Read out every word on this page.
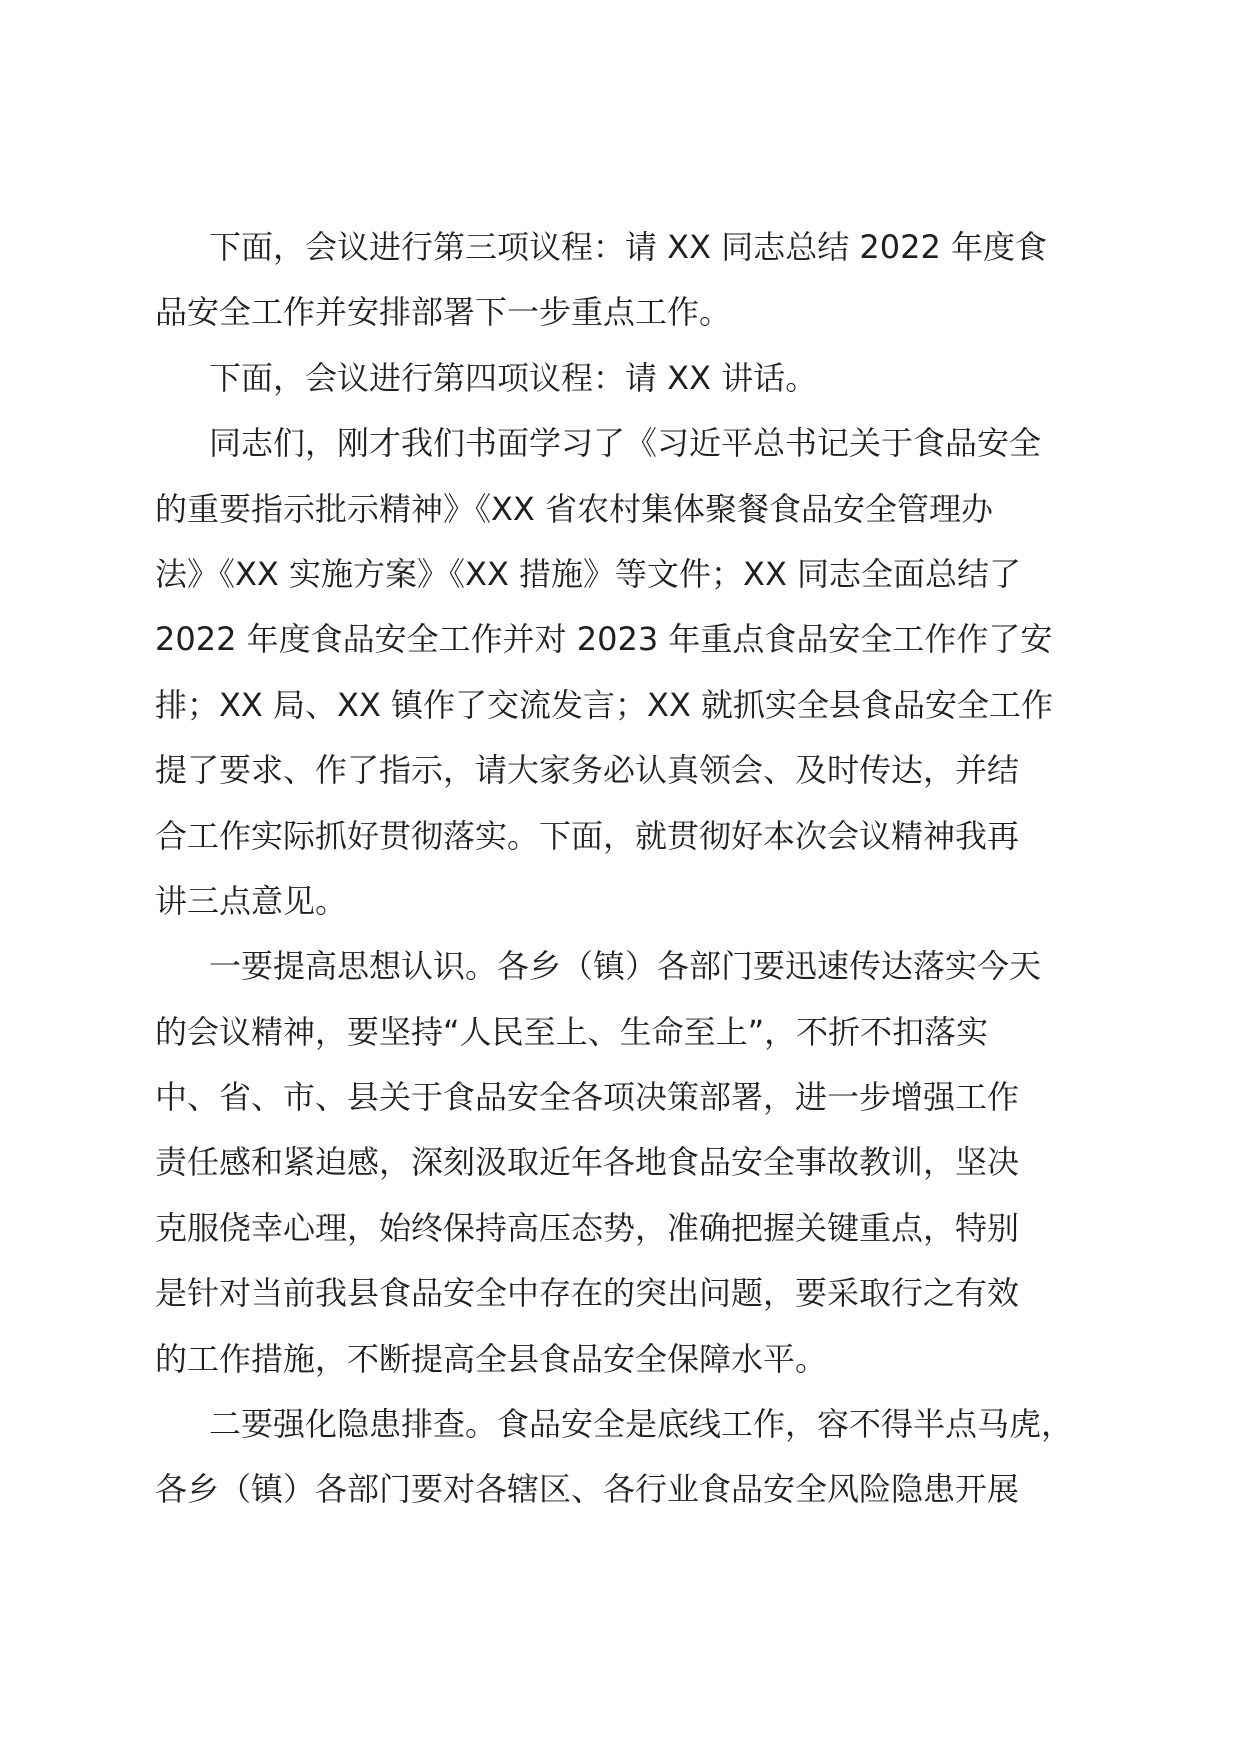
下面，会议进行第三项议程：请 XX 同志总结 2022 年度食
品安全工作并安排部署下一步重点工作。
下面，会议进行第四项议程：请 XX 讲话。
同志们，刚才我们书面学习了《习近平总书记关于食品安全
的重要指示批示精神》《XX 省农村集体聚餐食品安全管理办
法》《XX 实施方案》《XX 措施》等文件；XX 同志全面总结了
2022 年度食品安全工作并对 2023 年重点食品安全工作作了安
排；XX 局、XX 镇作了交流发言；XX 就抓实全县食品安全工作
提了要求、作了指示，请大家务必认真领会、及时传达，并结
合工作实际抓好贯彻落实。下面，就贯彻好本次会议精神我再
讲三点意见。
一要提高思想认识。各乡（镇）各部门要迅速传达落实今天
的会议精神，要坚持“人民至上、生命至上”，不折不扣落实
中、省、市、县关于食品安全各项决策部署，进一步增强工作
责任感和紧迫感，深刻汲取近年各地食品安全事故教训，坚决
克服侥幸心理，始终保持高压态势，准确把握关键重点，特别
是针对当前我县食品安全中存在的突出问题，要采取行之有效
的工作措施，不断提高全县食品安全保障水平。
二要强化隐患排查。食品安全是底线工作，容不得半点马虎，
各乡（镇）各部门要对各辖区、各行业食品安全风险隐患开展
